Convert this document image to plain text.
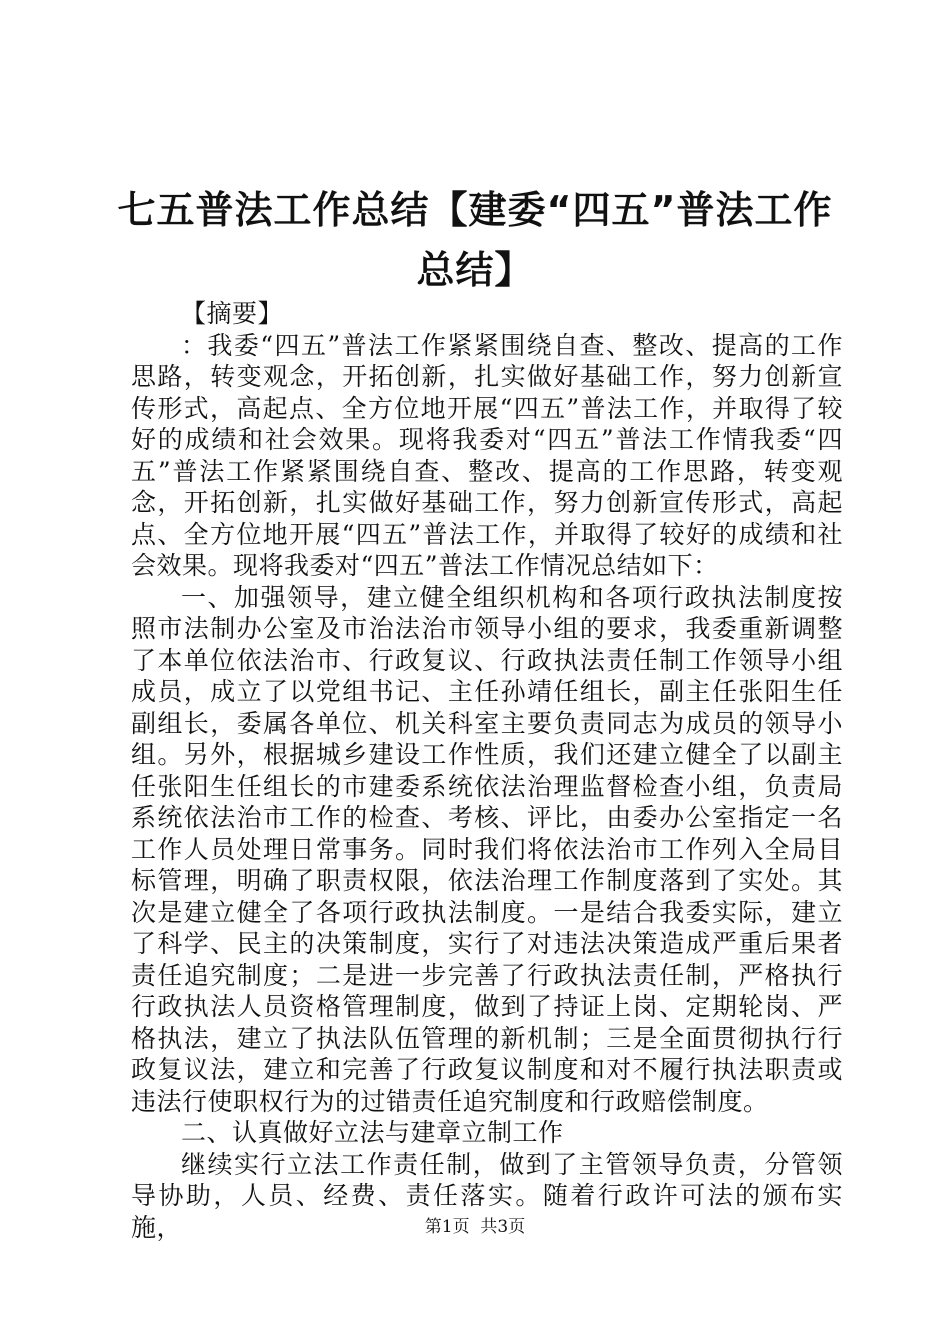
七五普法工作总结【建委“四五”普法工作总结】

【摘要】

：我委“四五”普法工作紧紧围绕自查、整改、提高的工作思路，转变观念，开拓创新，扎实做好基础工作，努力创新宣传形式，高起点、全方位地开展“四五”普法工作，并取得了较好的成绩和社会效果。现将我委对“四五”普法工作情我委“四五”普法工作紧紧围绕自查、整改、提高的工作思路，转变观念，开拓创新，扎实做好基础工作，努力创新宣传形式，高起点、全方位地开展“四五”普法工作，并取得了较好的成绩和社会效果。现将我委对“四五”普法工作情况总结如下：

一、加强领导，建立健全组织机构和各项行政执法制度按照市法制办公室及市治法治市领导小组的要求，我委重新调整了本单位依法治市、行政复议、行政执法责任制工作领导小组成员，成立了以党组书记、主任孙靖任组长，副主任张阳生任副组长，委属各单位、机关科室主要负责同志为成员的领导小组。另外，根据城乡建设工作性质，我们还建立健全了以副主任张阳生任组长的市建委系统依法治理监督检查小组，负责局系统依法治市工作的检查、考核、评比，由委办公室指定一名工作人员处理日常事务。同时我们将依法治市工作列入全局目标管理，明确了职责权限，依法治理工作制度落到了实处。其次是建立健全了各项行政执法制度。一是结合我委实际，建立了科学、民主的决策制度，实行了对违法决策造成严重后果者责任追究制度；二是进一步完善了行政执法责任制，严格执行行政执法人员资格管理制度，做到了持证上岗、定期轮岗、严格执法，建立了执法队伍管理的新机制；三是全面贯彻执行行政复议法，建立和完善了行政复议制度和对不履行执法职责或违法行使职权行为的过错责任追究制度和行政赔偿制度。

二、认真做好立法与建章立制工作

继续实行立法工作责任制，做到了主管领导负责，分管领导协助，人员、经费、责任落实。随着行政许可法的颁布实施，	第1页 共3页
